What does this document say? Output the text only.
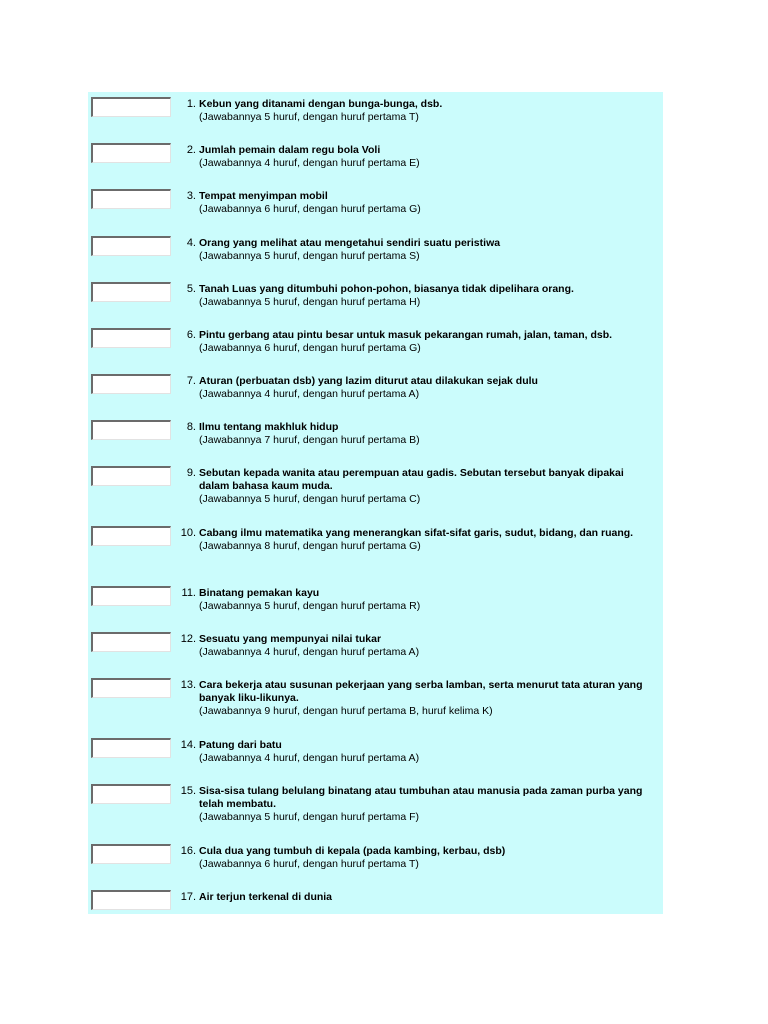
1. Kebun yang ditanami dengan bunga-bunga, dsb.
(Jawabannya 5 huruf, dengan huruf pertama T)
2. Jumlah pemain dalam regu bola Voli
(Jawabannya 4 huruf, dengan huruf pertama E)
3. Tempat menyimpan mobil
(Jawabannya 6 huruf, dengan huruf pertama G)
4. Orang yang melihat atau mengetahui sendiri suatu peristiwa
(Jawabannya 5 huruf, dengan huruf pertama S)
5. Tanah Luas yang ditumbuhi pohon-pohon, biasanya tidak dipelihara orang.
(Jawabannya 5 huruf, dengan huruf pertama H)
6. Pintu gerbang atau pintu besar untuk masuk pekarangan rumah, jalan, taman, dsb.
(Jawabannya 6 huruf, dengan huruf pertama G)
7. Aturan (perbuatan dsb) yang lazim diturut atau dilakukan sejak dulu
(Jawabannya 4 huruf, dengan huruf pertama A)
8. Ilmu tentang makhluk hidup
(Jawabannya 7 huruf, dengan huruf pertama B)
9. Sebutan kepada wanita atau perempuan atau gadis. Sebutan tersebut banyak dipakai dalam bahasa kaum muda.
(Jawabannya 5 huruf, dengan huruf pertama C)
10. Cabang ilmu matematika yang menerangkan sifat-sifat garis, sudut, bidang, dan ruang.
(Jawabannya 8 huruf, dengan huruf pertama G)
11. Binatang pemakan kayu
(Jawabannya 5 huruf, dengan huruf pertama R)
12. Sesuatu yang mempunyai nilai tukar
(Jawabannya 4 huruf, dengan huruf pertama A)
13. Cara bekerja atau susunan pekerjaan yang serba lamban, serta menurut tata aturan yang banyak liku-likunya.
(Jawabannya 9 huruf, dengan huruf pertama B, huruf kelima K)
14. Patung dari batu
(Jawabannya 4 huruf, dengan huruf pertama A)
15. Sisa-sisa tulang belulang binatang atau tumbuhan atau manusia pada zaman purba yang telah membatu.
(Jawabannya 5 huruf, dengan huruf pertama F)
16. Cula dua yang tumbuh di kepala (pada kambing, kerbau, dsb)
(Jawabannya 6 huruf, dengan huruf pertama T)
17. Air terjun terkenal di dunia
